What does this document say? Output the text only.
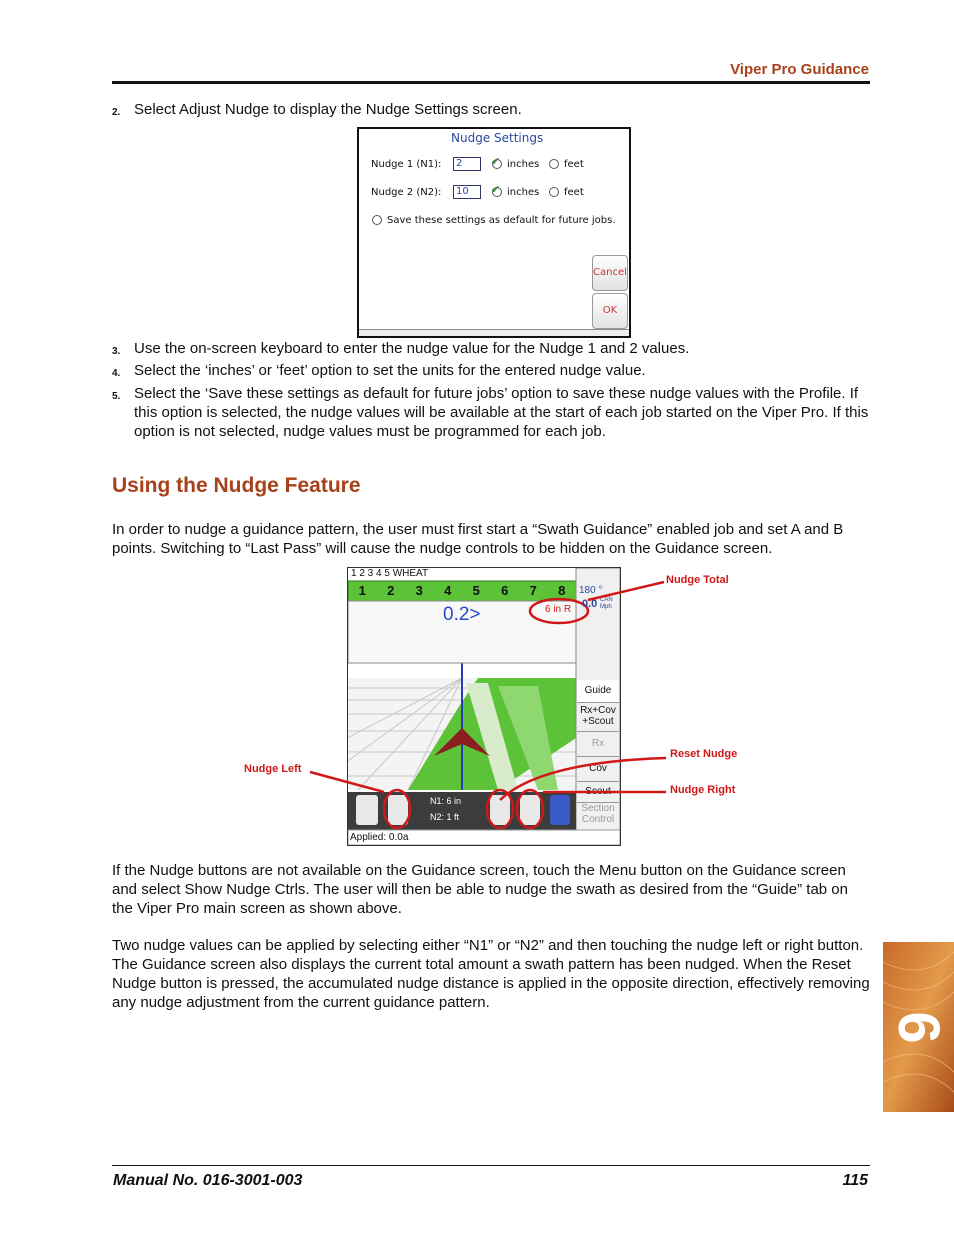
Viper Pro Guidance
2. Select Adjust Nudge to display the Nudge Settings screen.
Nudge Settings
Nudge 1 (N1):	2	✔ inches feet
Nudge 2 (N2):	10	✔ inches feet
Save these settings as default for future jobs.
Cancel
OK
3. Use the on-screen keyboard to enter the nudge value for the Nudge 1 and 2 values.
4. Select the ‘inches’ or ‘feet’ option to set the units for the entered nudge value.
5. Select the ‘Save these settings as default for future jobs’ option to save these nudge values with the Profile. If this option is selected, the nudge values will be available at the start of each job started on the Viper Pro. If this option is not selected, nudge values must be programmed for each job.
Using the Nudge Feature
In order to nudge a guidance pattern, the user must first start a “Swath Guidance” enabled job and set A and B points. Switching to “Last Pass” will cause the nudge controls to be hidden on the Guidance screen.
1 2 3 4 5 WHEAT
1	2	3	4	5	6	7	8	180 °
0.0 CAN Mph
0.2>	6 in R
Guide
Rx+Cov +Scout
Rx
Cov
Scout
Section Control
N1: 6 in
N2: 1 ft
Applied: 0.0a
Nudge Total
Reset Nudge
Nudge Left
Nudge Right
If the Nudge buttons are not available on the Guidance screen, touch the Menu button on the Guidance screen and select Show Nudge Ctrls. The user will then be able to nudge the swath as desired from the “Guide” tab on the Viper Pro main screen as shown above.
Two nudge values can be applied by selecting either “N1” or “N2” and then touching the nudge left or right button. The Guidance screen also displays the current total amount a swath pattern has been nudged. When the Reset Nudge button is pressed, the accumulated nudge distance is applied in the opposite direction, effectively removing any nudge adjustment from the current guidance pattern.
6
Manual No. 016-3001-003	115
